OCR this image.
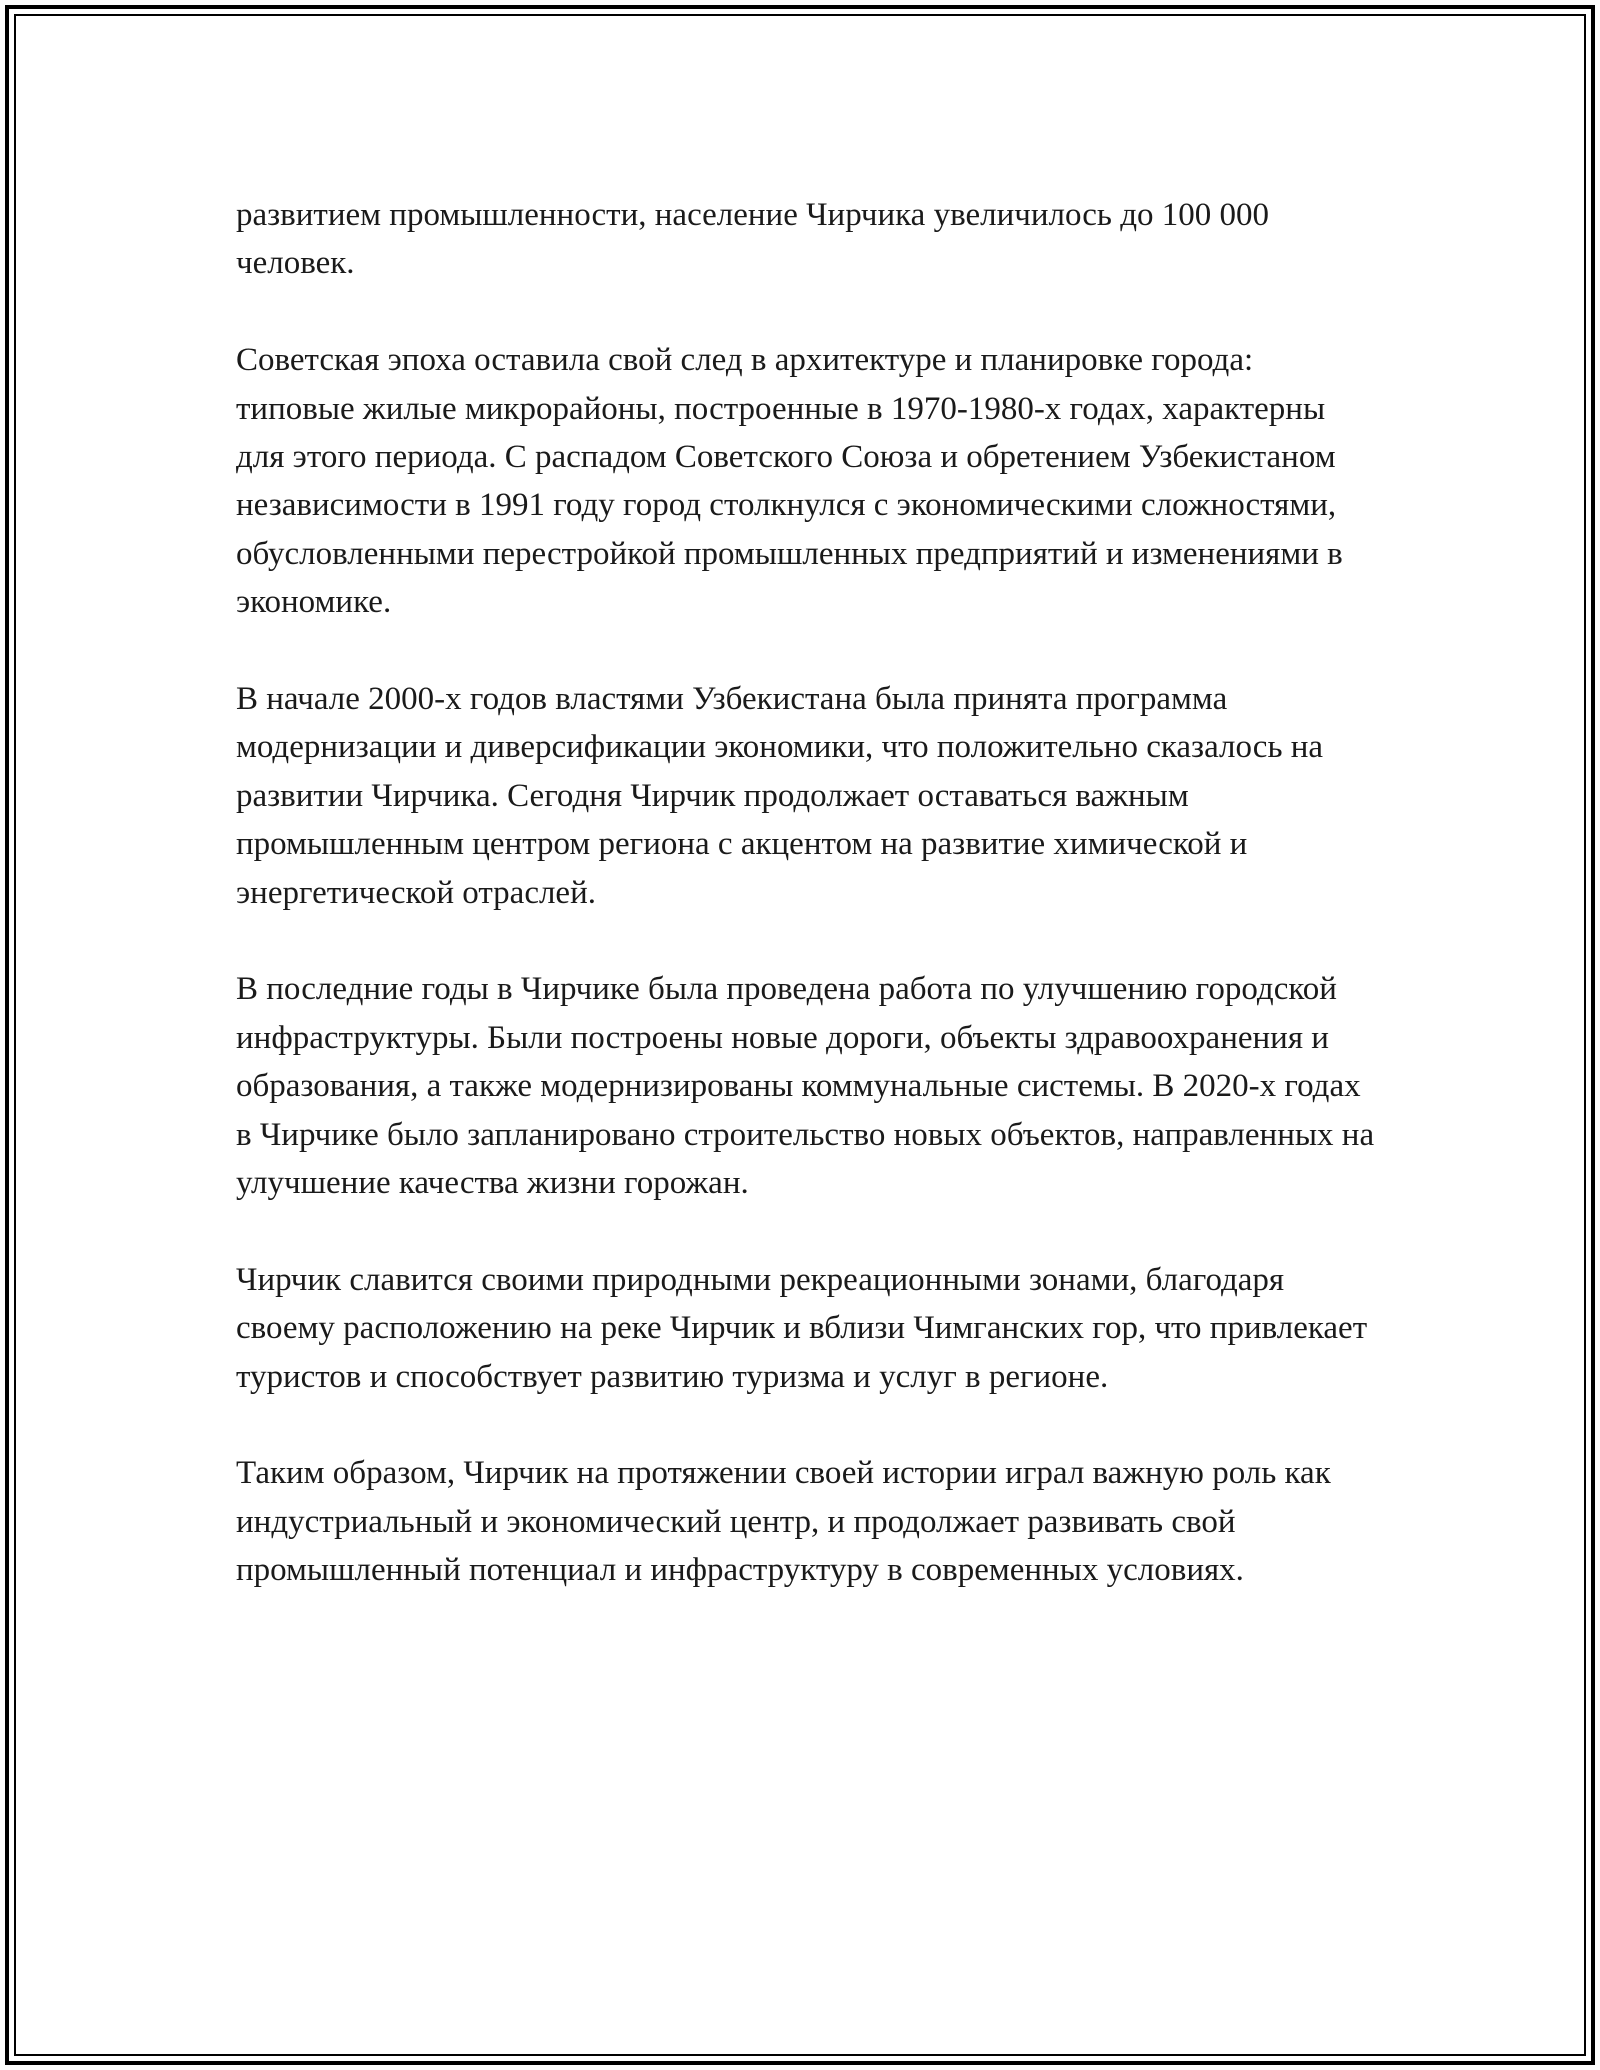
развитием промышленности, население Чирчика увеличилось до 100 000 человек.

Советская эпоха оставила свой след в архитектуре и планировке города: типовые жилые микрорайоны, построенные в 1970-1980-х годах, характерны для этого периода. С распадом Советского Союза и обретением Узбекистаном независимости в 1991 году город столкнулся с экономическими сложностями, обусловленными перестройкой промышленных предприятий и изменениями в экономике.

В начале 2000-х годов властями Узбекистана была принята программа модернизации и диверсификации экономики, что положительно сказалось на развитии Чирчика. Сегодня Чирчик продолжает оставаться важным промышленным центром региона с акцентом на развитие химической и энергетической отраслей.

В последние годы в Чирчике была проведена работа по улучшению городской инфраструктуры. Были построены новые дороги, объекты здравоохранения и образования, а также модернизированы коммунальные системы. В 2020-х годах в Чирчике было запланировано строительство новых объектов, направленных на улучшение качества жизни горожан.

Чирчик славится своими природными рекреационными зонами, благодаря своему расположению на реке Чирчик и вблизи Чимганских гор, что привлекает туристов и способствует развитию туризма и услуг в регионе.

Таким образом, Чирчик на протяжении своей истории играл важную роль как индустриальный и экономический центр, и продолжает развивать свой промышленный потенциал и инфраструктуру в современных условиях.
